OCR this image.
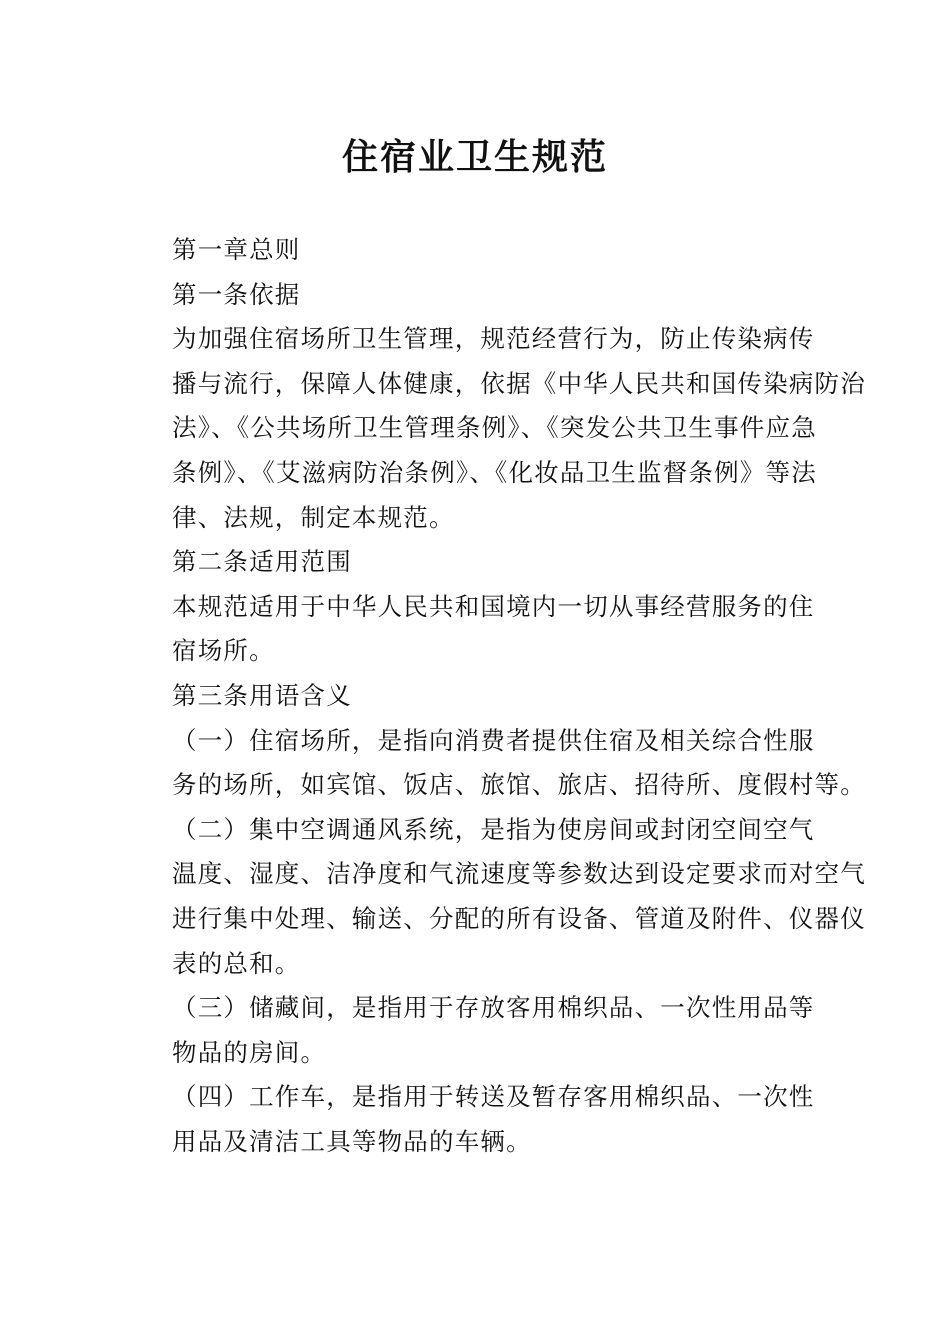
住宿业卫生规范

第一章总则

第一条依据

为加强住宿场所卫生管理，规范经营行为，防止传染病传
播与流行，保障人体健康，依据《中华人民共和国传染病防治
法》、《公共场所卫生管理条例》、《突发公共卫生事件应急
条例》、《艾滋病防治条例》、《化妆品卫生监督条例》等法
律、法规，制定本规范。

第二条适用范围

本规范适用于中华人民共和国境内一切从事经营服务的住
宿场所。

第三条用语含义

（一）住宿场所，是指向消费者提供住宿及相关综合性服
务的场所，如宾馆、饭店、旅馆、旅店、招待所、度假村等。

（二）集中空调通风系统，是指为使房间或封闭空间空气
温度、湿度、洁净度和气流速度等参数达到设定要求而对空气
进行集中处理、输送、分配的所有设备、管道及附件、仪器仪
表的总和。

（三）储藏间，是指用于存放客用棉织品、一次性用品等
物品的房间。

（四）工作车，是指用于转送及暂存客用棉织品、一次性
用品及清洁工具等物品的车辆。
